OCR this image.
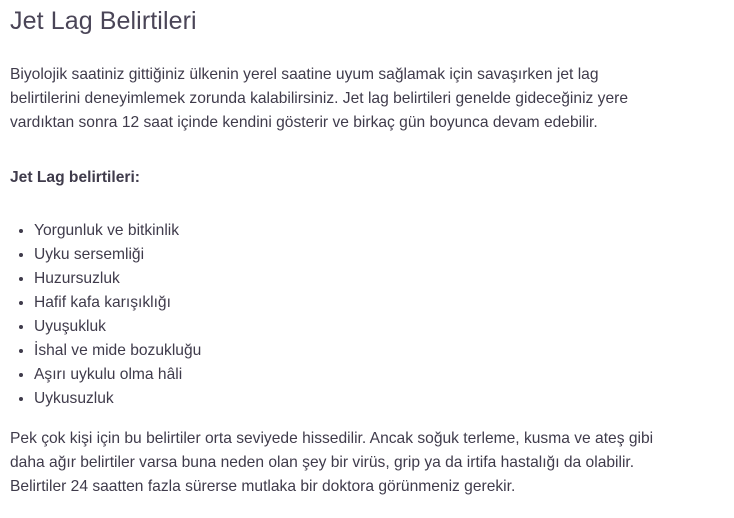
Jet Lag Belirtileri

Biyolojik saatiniz gittiğiniz ülkenin yerel saatine uyum sağlamak için savaşırken jet lag belirtilerini deneyimlemek zorunda kalabilirsiniz. Jet lag belirtileri genelde gideceğiniz yere vardıktan sonra 12 saat içinde kendini gösterir ve birkaç gün boyunca devam edebilir.

Jet Lag belirtileri:

• Yorgunluk ve bitkinlik
• Uyku sersemliği
• Huzursuzluk
• Hafif kafa karışıklığı
• Uyuşukluk
• İshal ve mide bozukluğu
• Aşırı uykulu olma hâli
• Uykusuzluk

Pek çok kişi için bu belirtiler orta seviyede hissedilir. Ancak soğuk terleme, kusma ve ateş gibi daha ağır belirtiler varsa buna neden olan şey bir virüs, grip ya da irtifa hastalığı da olabilir. Belirtiler 24 saatten fazla sürerse mutlaka bir doktora görünmeniz gerekir.
